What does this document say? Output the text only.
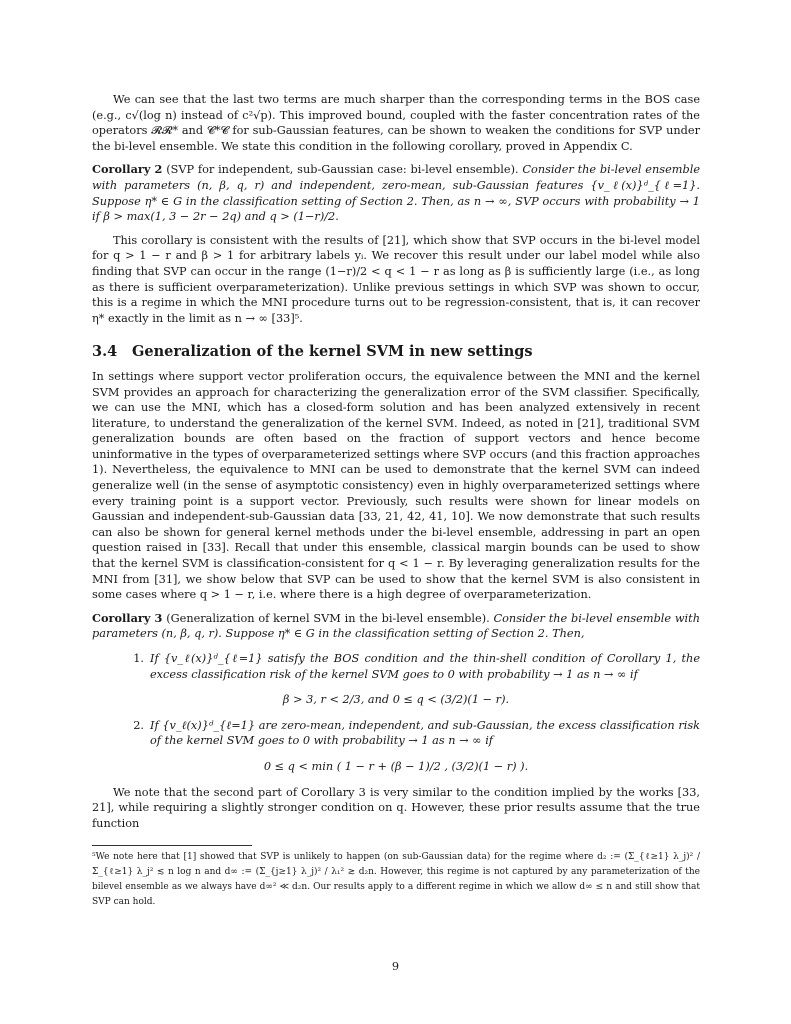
We can see that the last two terms are much sharper than the corresponding terms in the BOS case (e.g., c√(log n) instead of c²√p). This improved bound, coupled with the faster concentration rates of the operators 𝓡𝓡* and 𝓒*𝓒 for sub-Gaussian features, can be shown to weaken the conditions for SVP under the bi-level ensemble. We state this condition in the following corollary, proved in Appendix C.

Corollary 2 (SVP for independent, sub-Gaussian case: bi-level ensemble). Consider the bi-level ensemble with parameters (n, β, q, r) and independent, zero-mean, sub-Gaussian features {v_ℓ(x)}ᵈ_{ℓ=1}. Suppose η* ∈ G in the classification setting of Section 2. Then, as n → ∞, SVP occurs with probability → 1 if β > max(1, 3 − 2r − 2q) and q > (1−r)/2.

This corollary is consistent with the results of [21], which show that SVP occurs in the bi-level model for q > 1 − r and β > 1 for arbitrary labels yᵢ. We recover this result under our label model while also finding that SVP can occur in the range (1−r)/2 < q < 1 − r as long as β is sufficiently large (i.e., as long as there is sufficient overparameterization). Unlike previous settings in which SVP was shown to occur, this is a regime in which the MNI procedure turns out to be regression-consistent, that is, it can recover η* exactly in the limit as n → ∞ [33]⁵.

3.4 Generalization of the kernel SVM in new settings

In settings where support vector proliferation occurs, the equivalence between the MNI and the kernel SVM provides an approach for characterizing the generalization error of the SVM classifier. Specifically, we can use the MNI, which has a closed-form solution and has been analyzed extensively in recent literature, to understand the generalization of the kernel SVM. Indeed, as noted in [21], traditional SVM generalization bounds are often based on the fraction of support vectors and hence become uninformative in the types of overparameterized settings where SVP occurs (and this fraction approaches 1). Nevertheless, the equivalence to MNI can be used to demonstrate that the kernel SVM can indeed generalize well (in the sense of asymptotic consistency) even in highly overparameterized settings where every training point is a support vector. Previously, such results were shown for linear models on Gaussian and independent-sub-Gaussian data [33, 21, 42, 41, 10]. We now demonstrate that such results can also be shown for general kernel methods under the bi-level ensemble, addressing in part an open question raised in [33]. Recall that under this ensemble, classical margin bounds can be used to show that the kernel SVM is classification-consistent for q < 1 − r. By leveraging generalization results for the MNI from [31], we show below that SVP can be used to show that the kernel SVM is also consistent in some cases where q > 1 − r, i.e. where there is a high degree of overparameterization.

Corollary 3 (Generalization of kernel SVM in the bi-level ensemble). Consider the bi-level ensemble with parameters (n, β, q, r). Suppose η* ∈ G in the classification setting of Section 2. Then,

1. If {v_ℓ(x)}ᵈ_{ℓ=1} satisfy the BOS condition and the thin-shell condition of Corollary 1, the excess classification risk of the kernel SVM goes to 0 with probability → 1 as n → ∞ if
β > 3, r < 2/3, and 0 ≤ q < (3/2)(1 − r).
2. If {v_ℓ(x)}ᵈ_{ℓ=1} are zero-mean, independent, and sub-Gaussian, the excess classification risk of the kernel SVM goes to 0 with probability → 1 as n → ∞ if
0 ≤ q < min ( 1 − r + (β − 1)/2 , (3/2)(1 − r) ).

We note that the second part of Corollary 3 is very similar to the condition implied by the works [33, 21], while requiring a slightly stronger condition on q. However, these prior results assume that the true function

⁵We note here that [1] showed that SVP is unlikely to happen (on sub-Gaussian data) for the regime where d₂ := (Σ_{ℓ≥1} λ_j)² / Σ_{ℓ≥1} λ_j² ≲ n log n and d∞ := (Σ_{j≥1} λ_j)² / λ₁² ≳ d₂n. However, this regime is not captured by any parameterization of the bilevel ensemble as we always have d∞² ≪ d₂n. Our results apply to a different regime in which we allow d∞ ≤ n and still show that SVP can hold.

9
